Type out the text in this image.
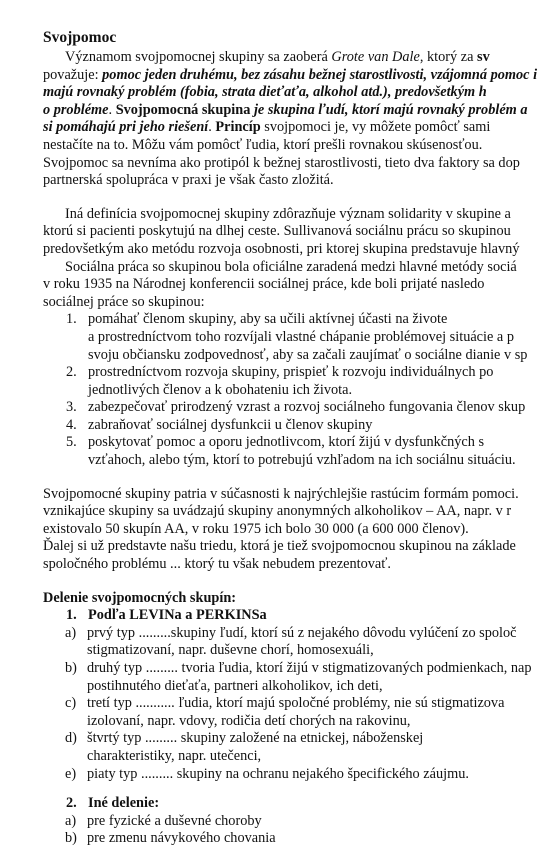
Svojpomoc
Významom svojpomocnej skupiny sa zaoberá Grote van Dale, ktorý za sv
považuje: pomoc jeden druhému, bez zásahu bežnej starostlivosti, vzájomná pomoc i
majú rovnaký problém (fobia, strata dieťaťa, alkohol atd.), predovšetkým h
o probléme. Svojpomocná skupina je skupina ľudí, ktorí majú rovnaký problém a
si pomáhajú pri jeho riešení. Princíp svojpomoci je, vy môžete pomôcť sami
nestačíte na to. Môžu vám pomôcť ľudia, ktorí prešli rovnakou skúsenosťou.
Svojpomoc sa nevníma ako protipól k bežnej starostlivosti, tieto dva faktory sa dop
partnerská spolupráca v praxi je však často zložitá.
Iná definícia svojpomocnej skupiny zdôrazňuje význam solidarity v skupine a
ktorú si pacienti poskytujú na dlhej ceste. Sullivanová sociálnu prácu so skupinou
predovšetkým ako metódu rozvoja osobnosti, pri ktorej skupina predstavuje hlavný
Sociálna práca so skupinou bola oficiálne zaradená medzi hlavné metódy sociá
v roku 1935 na Národnej konferencii sociálnej práce, kde boli prijaté nasledo
sociálnej práce so skupinou:
1. pomáhať členom skupiny, aby sa učili aktívnej účasti na živote
a prostredníctvom toho rozvíjali vlastné chápanie problémovej situácie a p
svoju občiansku zodpovednosť, aby sa začali zaujímať o sociálne dianie v sp
2. prostredníctvom rozvoja skupiny, prispieť k rozvoju individuálnych po
jednotlivých členov a k obohateniu ich života.
3. zabezpečovať prirodzený vzrast a rozvoj sociálneho fungovania členov skup
4. zabraňovať sociálnej dysfunkcii u členov skupiny
5. poskytovať pomoc a oporu jednotlivcom, ktorí žijú v dysfunkčných s
vzťahoch, alebo tým, ktorí to potrebujú vzhľadom na ich sociálnu situáciu.
Svojpomocné skupiny patria v súčasnosti k najrýchlejšie rastúcim formám pomoci.
vznikajúce skupiny sa uvádzajú skupiny anonymných alkoholikov – AA, napr. v r
existovalo 50 skupín AA, v roku 1975 ich bolo 30 000 (a 600 000 členov).
Ďalej si už predstavte našu triedu, ktorá je tiež svojpomocnou skupinou na základe
spoločného problému ... ktorý tu však nebudem prezentovať.
Delenie svojpomocných skupín:
1. Podľa LEVINa a PERKINSa
a) prvý typ .........skupiny ľudí, ktorí sú z nejakého dôvodu vylúčení zo spoloč
stigmatizovaní, napr. duševne chorí, homosexuáli,
b) druhý typ ......... tvoria ľudia, ktorí žijú v stigmatizovaných podmienkach, nap
postihnutého dieťaťa, partneri alkoholikov, ich deti,
c) tretí typ ........... ľudia, ktorí majú spoločné problémy, nie sú stigmatizova
izolovaní, napr. vdovy, rodičia detí chorých na rakovinu,
d) štvrtý typ ......... skupiny založené na etnickej, náboženskej
charakteristiky, napr. utečenci,
e) piaty typ ......... skupiny na ochranu nejakého špecifického záujmu.
2. Iné delenie:
a) pre fyzické a duševné choroby
b) pre zmenu návykového chovania
